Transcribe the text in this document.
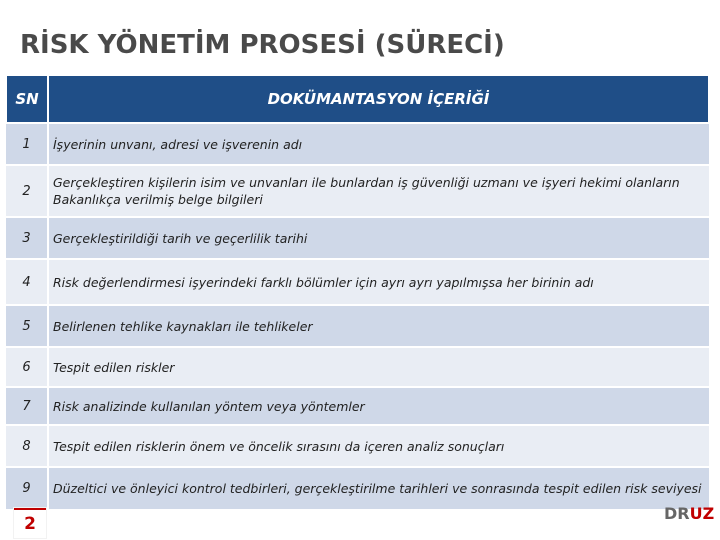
RİSK YÖNETİM PROSESİ (SÜRECİ)
SN	DOKÜMANTASYON İÇERİĞİ
1	İşyerinin unvanı, adresi ve işverenin adı
2	Gerçekleştiren kişilerin isim ve unvanları ile bunlardan iş güvenliği uzmanı ve işyeri hekimi olanların Bakanlıkça verilmiş belge bilgileri
3	Gerçekleştirildiği tarih ve geçerlilik tarihi
4	Risk değerlendirmesi işyerindeki farklı bölümler için ayrı ayrı yapılmışsa her birinin adı
5	Belirlenen tehlike kaynakları ile tehlikeler
6	Tespit edilen riskler
7	Risk analizinde kullanılan yöntem veya yöntemler
8	Tespit edilen risklerin önem ve öncelik sırasını da içeren analiz sonuçları
9	Düzeltici ve önleyici kontrol tedbirleri, gerçekleştirilme tarihleri ve sonrasında tespit edilen risk seviyesi
2
DRUZ
